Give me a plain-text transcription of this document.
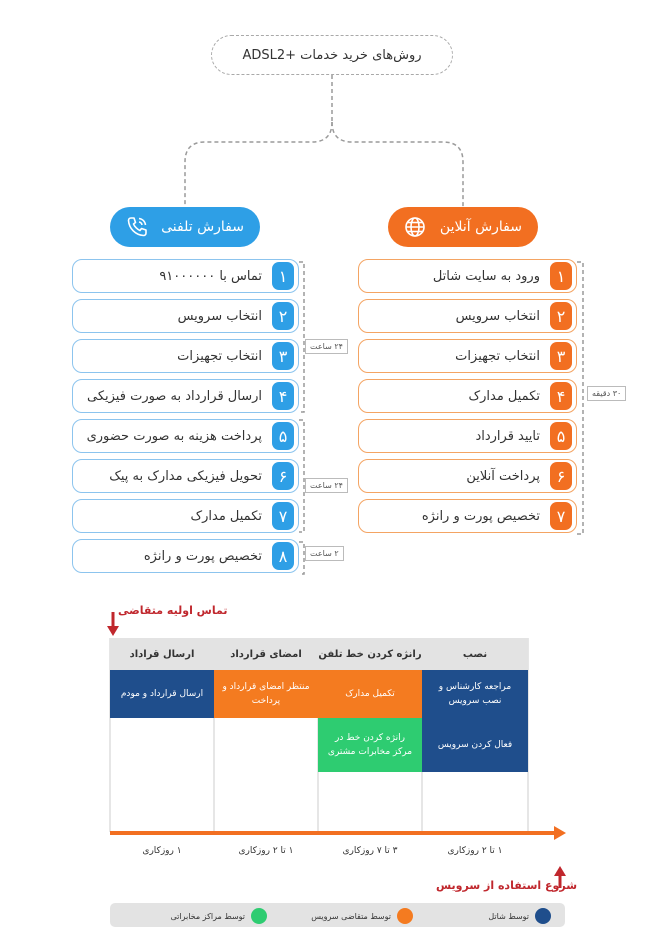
روش‌های خرید خدمات +ADSL2
سفارش آنلاین
سفارش تلفنی
۱
ورود به سایت شاتل
۲
انتخاب سرویس
۳
انتخاب تجهیزات
۴
تکمیل مدارک
۵
تایید قرارداد
۶
پرداخت آنلاین
۷
تخصیص پورت و رانژه
۳۰ دقیقه
۱
تماس با ۹۱۰۰۰۰۰۰
۲
انتخاب سرویس
۳
انتخاب تجهیزات
۴
ارسال قرارداد به صورت فیزیکی
۵
پرداخت هزینه به صورت حضوری
۶
تحویل فیزیکی مدارک به پیک
۷
تکمیل مدارک
۸
تخصیص پورت و رانژه
۲۴ ساعت
۲۴ ساعت
۲ ساعت
تماس اولیه متقاضی
ارسال قراداد	امضای قرارداد	رانژه کردن خط تلفن	نصب
ارسال قرارداد و مودم
منتظر امضای قرارداد و پرداخت
تکمیل مدارک
رانژه کردن خط در مرکز مخابرات مشتری
مراجعه کارشناس و نصب سرویس
فعال کردن سرویس
۱ روزکاری	۱ تا ۲ روزکاری	۳ تا ۷ روزکاری	۱ تا ۲ روزکاری
شروع استفاده از سرویس
توسط شاتل
توسط متقاضی سرویس
توسط مراکز مخابراتی
